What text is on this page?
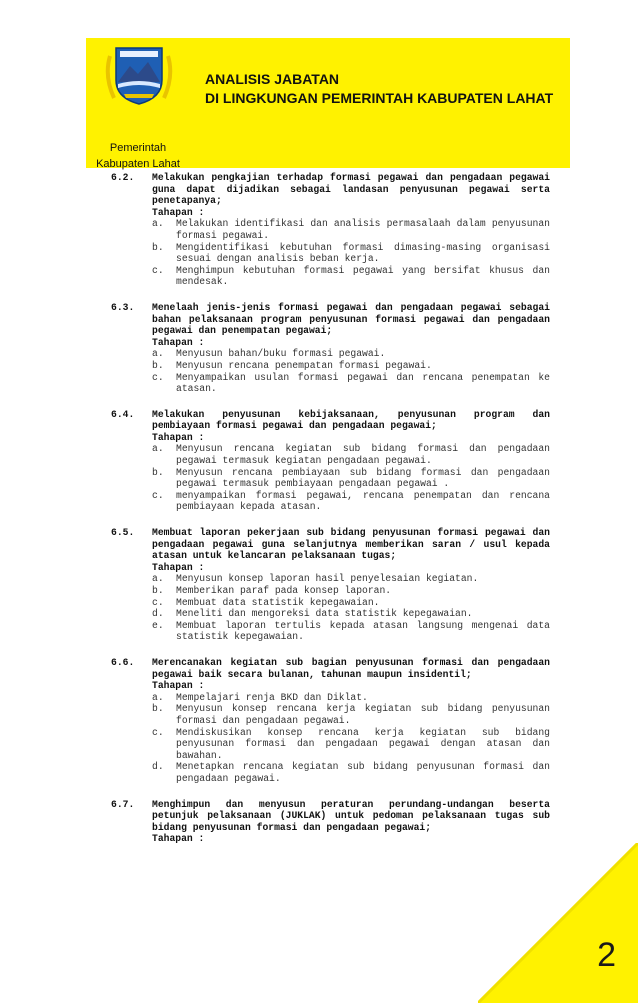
Pemerintah
Kabupaten Lahat
ANALISIS JABATAN
DI LINGKUNGAN PEMERINTAH KABUPATEN LAHAT
6.2. Melakukan pengkajian terhadap formasi pegawai dan pengadaan pegawai guna dapat dijadikan sebagai landasan penyusunan pegawai serta penetapanya;
Tahapan :
a. Melakukan identifikasi dan analisis permasalaah dalam penyusunan formasi pegawai.
b. Mengidentifikasi kebutuhan formasi dimasing-masing organisasi sesuai dengan analisis beban kerja.
c. Menghimpun kebutuhan formasi pegawai yang bersifat khusus dan mendesak.
6.3. Menelaah jenis-jenis formasi pegawai dan pengadaan pegawai sebagai bahan pelaksanaan program penyusunan formasi pegawai dan pengadaan pegawai dan penempatan pegawai;
Tahapan :
a. Menyusun bahan/buku formasi pegawai.
b. Menyusun rencana penempatan formasi pegawai.
c. Menyampaikan usulan formasi pegawai dan rencana penempatan ke atasan.
6.4. Melakukan penyusunan kebijaksanaan, penyusunan program dan pembiayaan formasi pegawai dan pengadaan pegawai;
Tahapan :
a. Menyusun rencana kegiatan sub bidang formasi dan pengadaan pegawai termasuk kegiatan pengadaan pegawai.
b. Menyusun rencana pembiayaan sub bidang formasi dan pengadaan pegawai termasuk pembiayaan pengadaan pegawai .
c. menyampaikan formasi pegawai, rencana penempatan dan rencana pembiayaan kepada atasan.
6.5. Membuat laporan pekerjaan sub bidang penyusunan formasi pegawai dan pengadaan pegawai guna selanjutnya memberikan saran / usul kepada atasan untuk kelancaran pelaksanaan tugas;
Tahapan :
a. Menyusun konsep laporan hasil penyelesaian kegiatan.
b. Memberikan paraf pada konsep laporan.
c. Membuat data statistik kepegawaian.
d. Meneliti dan mengoreksi data statistik kepegawaian.
e. Membuat laporan tertulis kepada atasan langsung mengenai data statistik kepegawaian.
6.6. Merencanakan kegiatan sub bagian penyusunan formasi dan pengadaan pegawai baik secara bulanan, tahunan maupun insidentil;
Tahapan :
a. Mempelajari renja BKD dan Diklat.
b. Menyusun konsep rencana kerja kegiatan sub bidang penyusunan formasi dan pengadaan pegawai.
c. Mendiskusikan konsep rencana kerja kegiatan sub bidang penyusunan formasi dan pengadaan pegawai dengan atasan dan bawahan.
d. Menetapkan rencana kegiatan sub bidang penyusunan formasi dan pengadaan pegawai.
6.7. Menghimpun dan menyusun peraturan perundang-undangan beserta petunjuk pelaksanaan (JUKLAK) untuk pedoman pelaksanaan tugas sub bidang penyusunan formasi dan pengadaan pegawai;
Tahapan :
2
